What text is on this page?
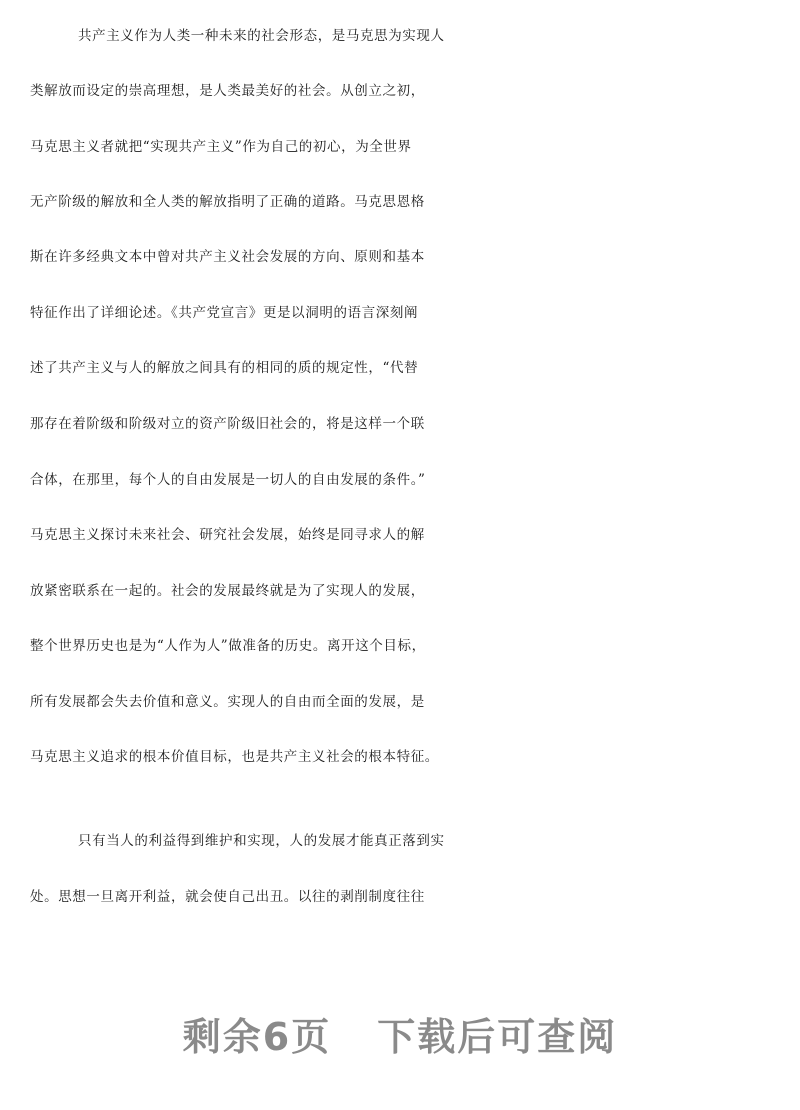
共产主义作为人类一种未来的社会形态，是马克思为实现人
类解放而设定的崇高理想，是人类最美好的社会。从创立之初，
马克思主义者就把“实现共产主义”作为自己的初心，为全世界
无产阶级的解放和全人类的解放指明了正确的道路。马克思恩格
斯在许多经典文本中曾对共产主义社会发展的方向、原则和基本
特征作出了详细论述。《共产党宣言》更是以洞明的语言深刻阐
述了共产主义与人的解放之间具有的相同的质的规定性，“代替
那存在着阶级和阶级对立的资产阶级旧社会的，将是这样一个联
合体，在那里，每个人的自由发展是一切人的自由发展的条件。”
马克思主义探讨未来社会、研究社会发展，始终是同寻求人的解
放紧密联系在一起的。社会的发展最终就是为了实现人的发展，
整个世界历史也是为“人作为人”做准备的历史。离开这个目标，
所有发展都会失去价值和意义。实现人的自由而全面的发展，是
马克思主义追求的根本价值目标，也是共产主义社会的根本特征。
只有当人的利益得到维护和实现，人的发展才能真正落到实
处。思想一旦离开利益，就会使自己出丑。以往的剥削制度往往
剩余6页 下载后可查阅
